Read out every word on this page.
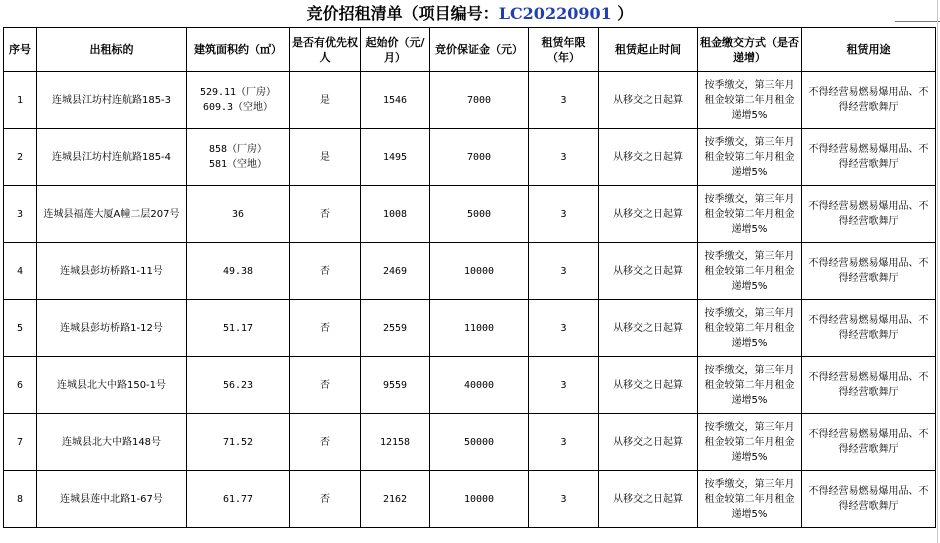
竞价招租清单（项目编号：LC20220901 ）
序号	出租标的	建筑面积约（㎡）	是否有优先权人	起始价（元/月）	竞价保证金（元）	租赁年限（年）	租赁起止时间	租金缴交方式（是否递增）	租赁用途
1	连城县江坊村连航路185-3	529.11（厂房）
609.3（空地）	是	1546	7000	3	从移交之日起算	按季缴交，第三年月租金较第二年月租金递增5%	不得经营易燃易爆用品、不得经营歌舞厅
2	连城县江坊村连航路185-4	858（厂房）
581（空地）	是	1495	7000	3	从移交之日起算	按季缴交，第三年月租金较第二年月租金递增5%	不得经营易燃易爆用品、不得经营歌舞厅
3	连城县福莲大厦A幢二层207号	36	否	1008	5000	3	从移交之日起算	按季缴交，第三年月租金较第二年月租金递增5%	不得经营易燃易爆用品、不得经营歌舞厅
4	连城县彭坊桥路1-11号	49.38	否	2469	10000	3	从移交之日起算	按季缴交，第三年月租金较第二年月租金递增5%	不得经营易燃易爆用品、不得经营歌舞厅
5	连城县彭坊桥路1-12号	51.17	否	2559	11000	3	从移交之日起算	按季缴交，第三年月租金较第二年月租金递增5%	不得经营易燃易爆用品、不得经营歌舞厅
6	连城县北大中路150-1号	56.23	否	9559	40000	3	从移交之日起算	按季缴交，第三年月租金较第二年月租金递增5%	不得经营易燃易爆用品、不得经营歌舞厅
7	连城县北大中路148号	71.52	否	12158	50000	3	从移交之日起算	按季缴交，第三年月租金较第二年月租金递增5%	不得经营易燃易爆用品、不得经营歌舞厅
8	连城县莲中北路1-67号	61.77	否	2162	10000	3	从移交之日起算	按季缴交，第三年月租金较第二年月租金递增5%	不得经营易燃易爆用品、不得经营歌舞厅
